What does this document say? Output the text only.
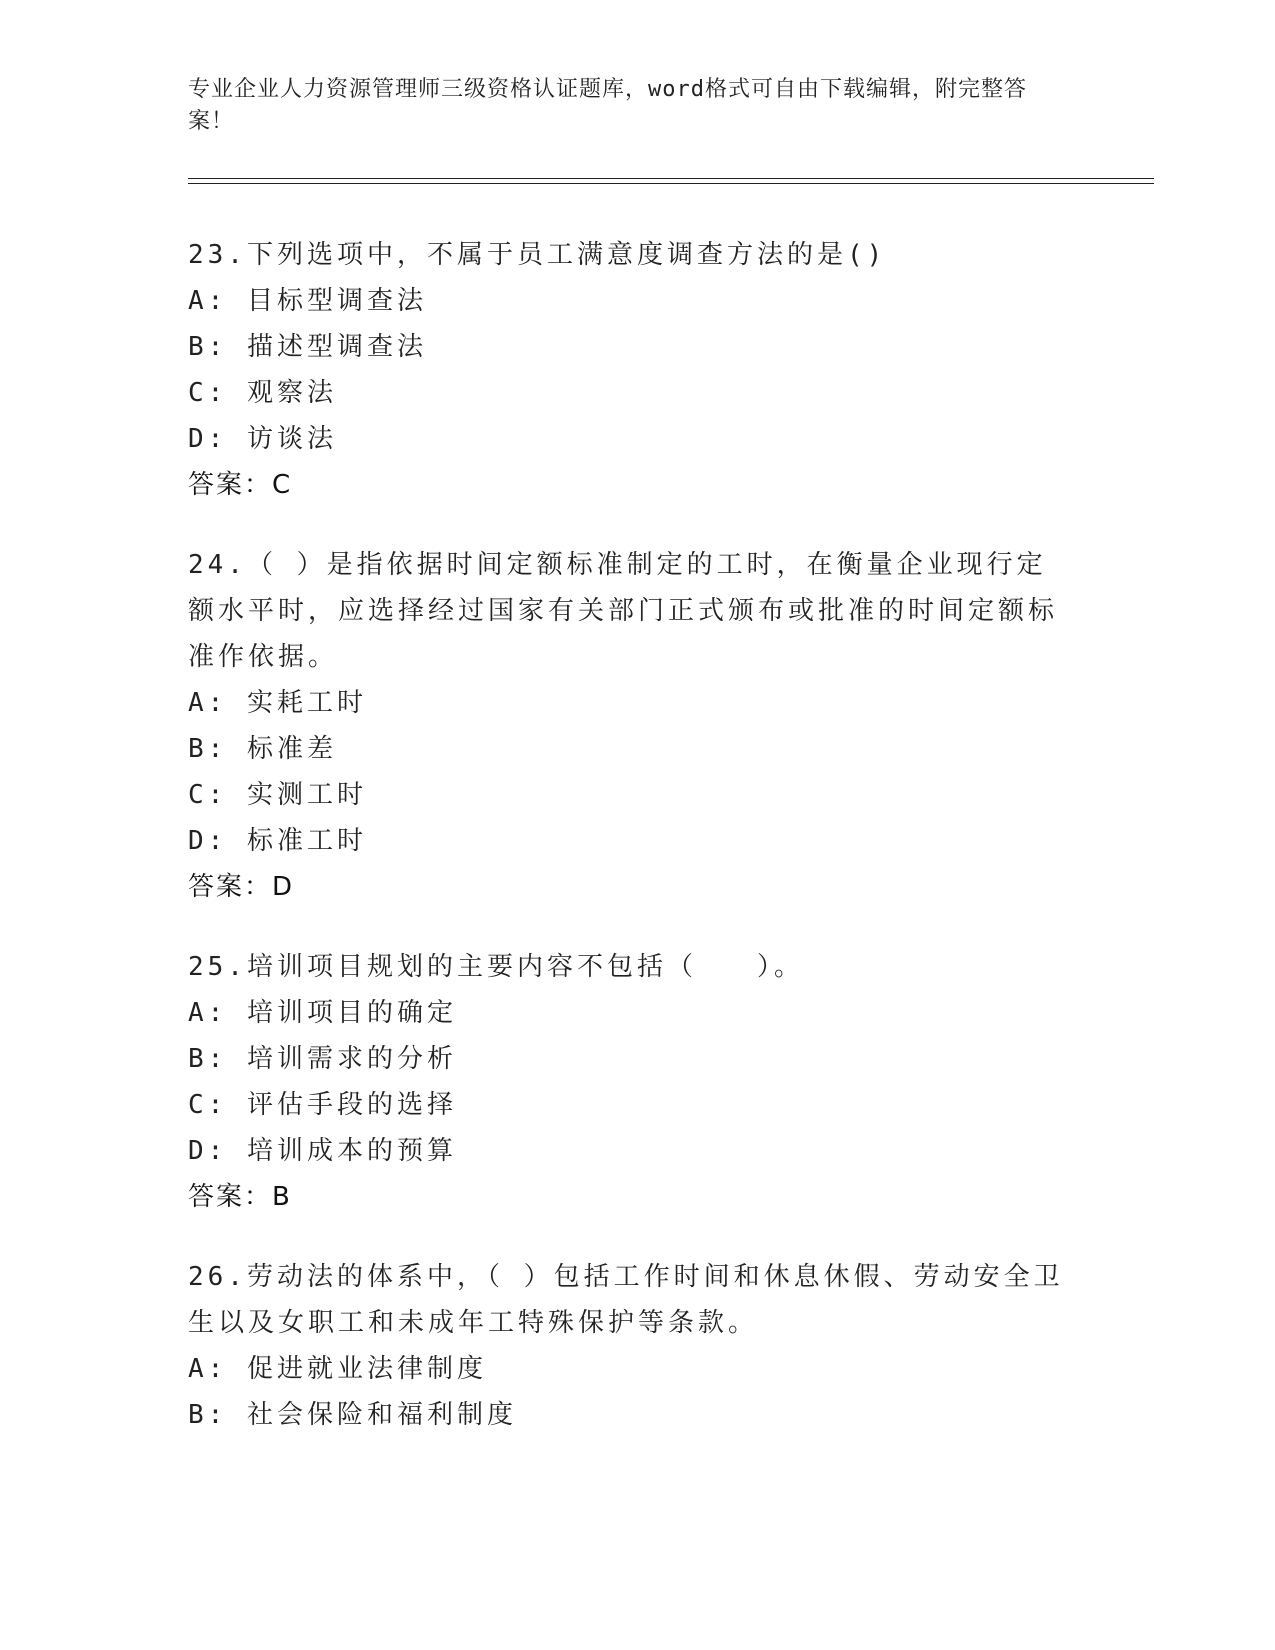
专业企业人力资源管理师三级资格认证题库，word格式可自由下载编辑，附完整答案！
23.下列选项中，不属于员工满意度调查方法的是()
A: 目标型调查法
B: 描述型调查法
C: 观察法
D: 访谈法
答案：C
24.（ ）是指依据时间定额标准制定的工时，在衡量企业现行定额水平时，应选择经过国家有关部门正式颁布或批准的时间定额标准作依据。
A: 实耗工时
B: 标准差
C: 实测工时
D: 标准工时
答案：D
25.培训项目规划的主要内容不包括（　　）。
A: 培训项目的确定
B: 培训需求的分析
C: 评估手段的选择
D: 培训成本的预算
答案：B
26.劳动法的体系中，（ ）包括工作时间和休息休假、劳动安全卫生以及女职工和未成年工特殊保护等条款。
A: 促进就业法律制度
B: 社会保险和福利制度
